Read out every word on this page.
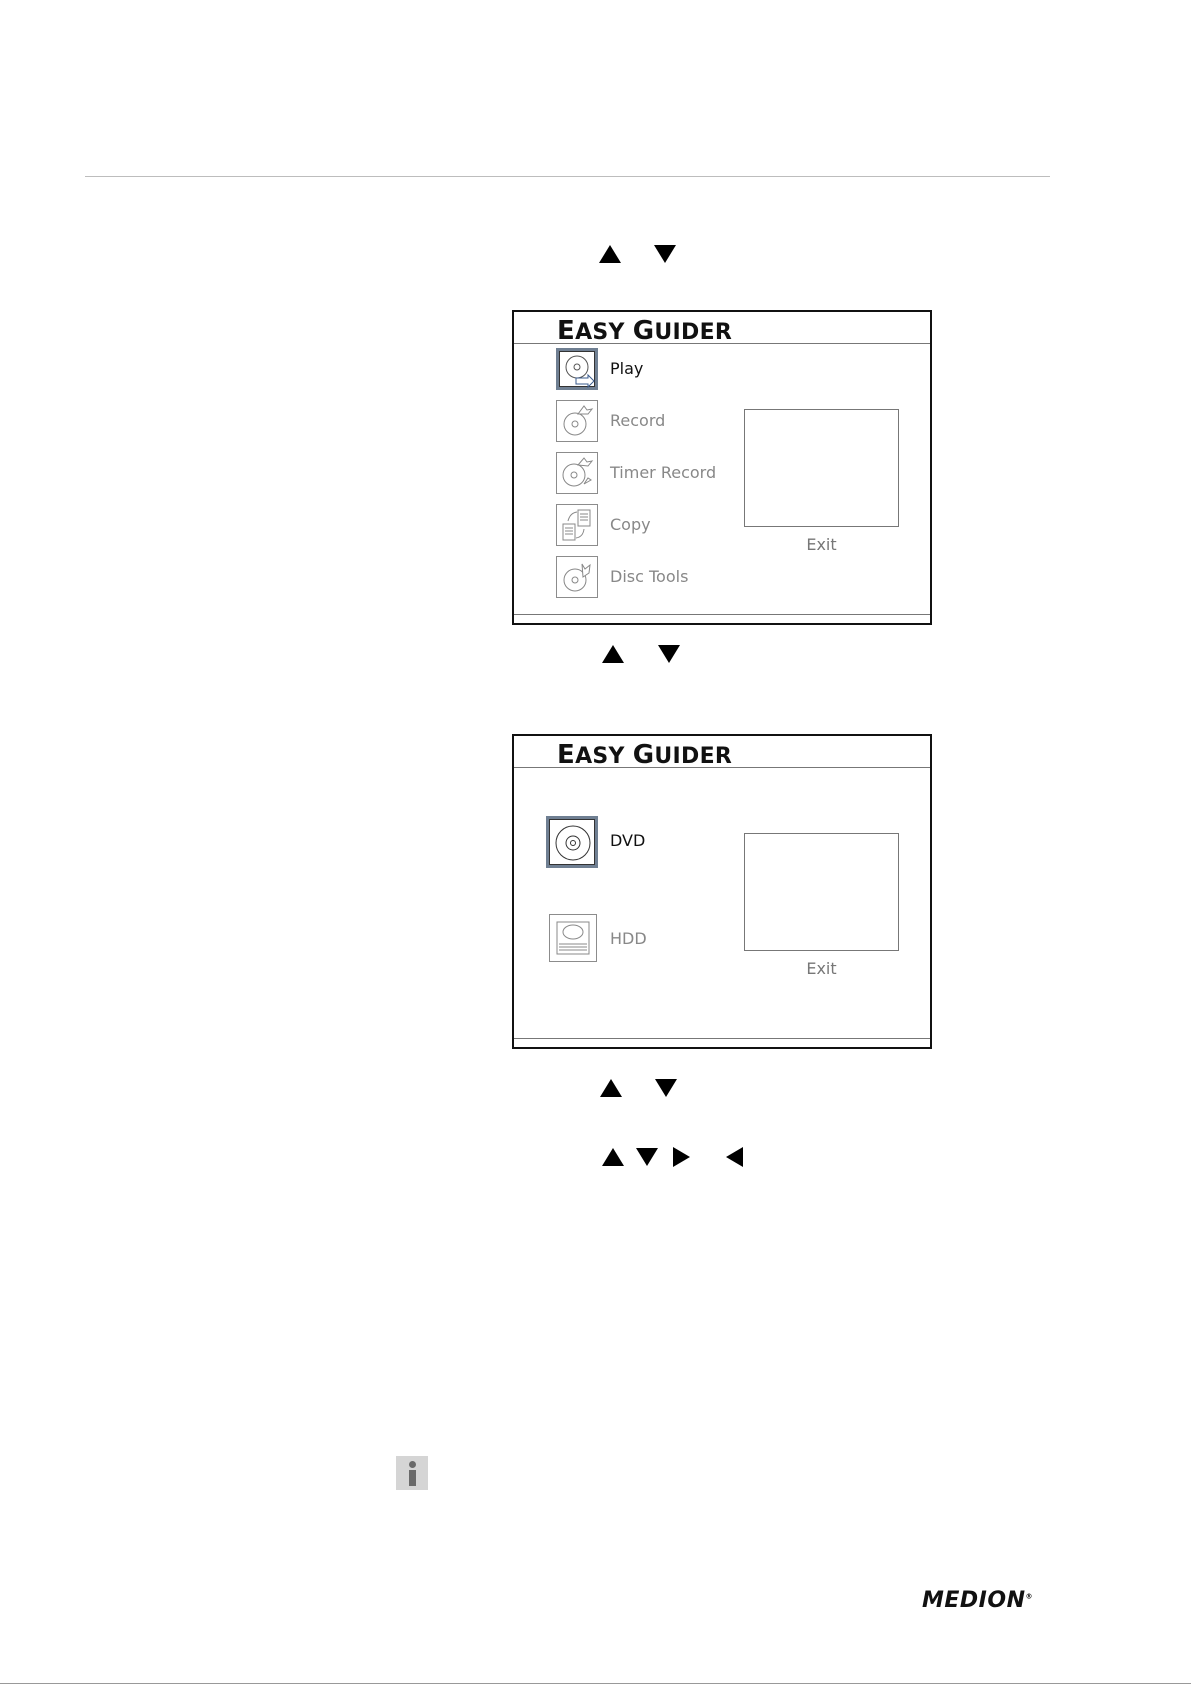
EASY GUIDER
Play
Record
Timer Record
Copy
Disc Tools
Exit
EASY GUIDER
DVD
HDD
Exit
MEDION®
